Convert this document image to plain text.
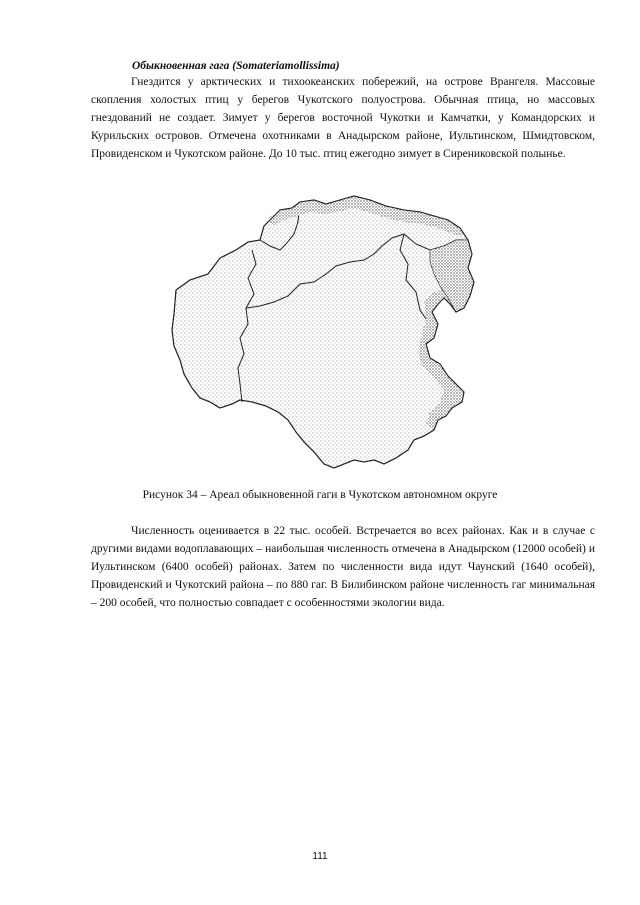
Обыкновенная гага (Somateriamollissima)

Гнездится у арктических и тихоокеанских побережий, на острове Врангеля. Массовые скопления холостых птиц у берегов Чукотского полуострова. Обычная птица, но массовых гнездований не создает. Зимует у берегов восточной Чукотки и Камчатки, у Командорских и Курильских островов. Отмечена охотниками в Анадырском районе, Иультинском, Шмидтовском, Провиденском и Чукотском районе. До 10 тыс. птиц ежегодно зимует в Сирениковской полынье.

Рисунок 34 – Ареал обыкновенной гаги в Чукотском автономном округе

Численность оценивается в 22 тыс. особей. Встречается во всех районах. Как и в случае с другими видами водоплавающих – наибольшая численность отмечена в Анадырском (12000 особей) и Иультинском (6400 особей) районах. Затем по численности вида идут Чаунский (1640 особей), Провиденский и Чукотский района – по 880 гаг. В Билибинском районе численность гаг минимальная – 200 особей, что полностью совпадает с особенностями экологии вида.

111
